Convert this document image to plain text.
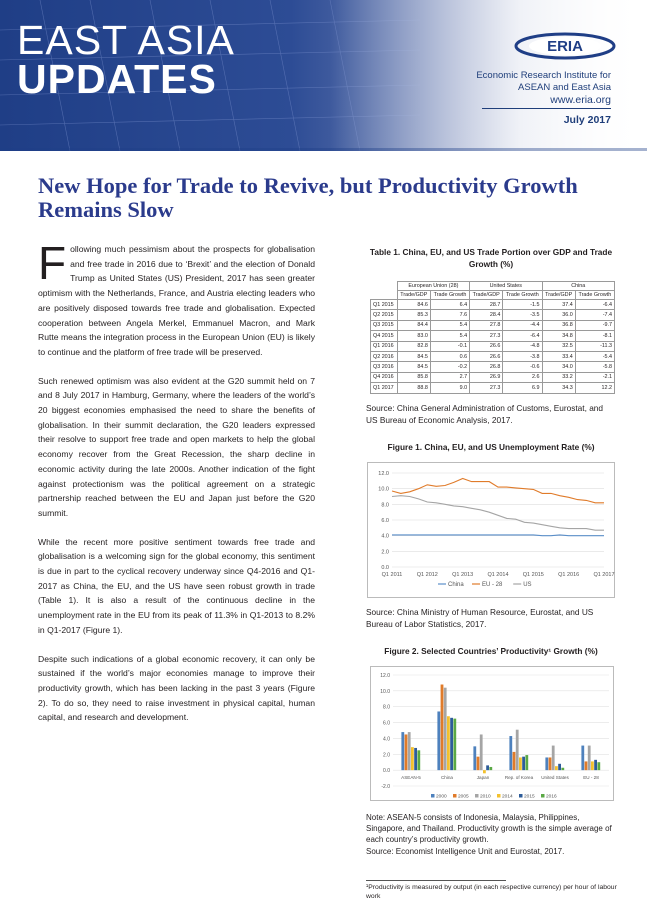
EAST ASIA
UPDATES
ERIA
Economic Research Institute for
ASEAN and East Asia
www.eria.org
July 2017
New Hope for Trade to Revive, but Productivity Growth Remains Slow

Following much pessimism about the prospects for globalisation and free trade in 2016 due to ‘Brexit’ and the election of Donald Trump as United States (US) President, 2017 has seen greater optimism with the Netherlands, France, and Austria electing leaders who are positively disposed towards free trade and globalisation. Expected cooperation between Angela Merkel, Emmanuel Macron, and Mark Rutte means the integration process in the European Union (EU) is likely to continue and the platform of free trade will be preserved.

Such renewed optimism was also evident at the G20 summit held on 7 and 8 July 2017 in Hamburg, Germany, where the leaders of the world’s 20 biggest economies emphasised the need to share the benefits of globalisation. In their summit declaration, the G20 leaders expressed their resolve to support free trade and open markets to help the global economy recover from the Great Recession, the sharp decline in economic activity during the late 2000s. Another indication of the fight against protectionism was the political agreement on a strategic partnership reached between the EU and Japan just before the G20 summit.

While the recent more positive sentiment towards free trade and globalisation is a welcoming sign for the global economy, this sentiment is due in part to the cyclical recovery underway since Q4-2016 and Q1-2017 as China, the EU, and the US have seen robust growth in trade (Table 1). It is also a result of the continuous decline in the unemployment rate in the EU from its peak of 11.3% in Q1-2013 to 8.2% in Q1-2017 (Figure 1).

Despite such indications of a global economic recovery, it can only be sustained if the world’s major economies manage to improve their productivity growth, which has been lacking in the past 3 years (Figure 2). To do so, they need to raise investment in physical capital, human capital, and research and development.

Table 1. China, EU, and US Trade Portion over GDP and Trade Growth (%)
	European Union (28)		United States		China	
	Trade/GDP	Trade Growth	Trade/GDP	Trade Growth	Trade/GDP	Trade Growth
Q1 2015	84.6	6.4	28.7	-1.5	37.4	-6.4
Q2 2015	85.3	7.6	28.4	-3.5	36.0	-7.4
Q3 2015	84.4	5.4	27.8	-4.4	36.8	-9.7
Q4 2015	83.0	5.4	27.3	-6.4	34.8	-8.1
Q1 2016	82.8	-0.1	26.6	-4.8	32.5	-11.3
Q2 2016	84.5	0.6	26.6	-3.8	33.4	-5.4
Q3 2016	84.5	-0.2	26.8	-0.6	34.0	-5.8
Q4 2016	85.8	2.7	26.9	2.6	33.2	-2.1
Q1 2017	88.8	9.0	27.3	6.9	34.3	12.2
Source: China General Administration of Customs, Eurostat, and US Bureau of Economic Analysis, 2017.
Figure 1. China, EU, and US Unemployment Rate (%)
0.0
2.0
4.0
6.0
8.0
10.0
12.0
Q1 2011	Q1 2012	Q1 2013	Q1 2014	Q1 2015	Q1 2016	Q1 2017
China	EU - 28	US
Source: China Ministry of Human Resource, Eurostat, and US Bureau of Labor Statistics, 2017.
Figure 2. Selected Countries’ Productivity¹ Growth (%)
-2.0
0.0
2.0
4.0
6.0
8.0
10.0
12.0
ASEAN-5	China	Japan	Rep. of Korea United States	EU - 28
2000 2005 2010 2014 2015 2016
Note: ASEAN-5 consists of Indonesia, Malaysia, Philippines, Singapore, and Thailand. Productivity growth is the simple average of each country’s productivity growth.
Source: Economist Intelligence Unit and Eurostat, 2017.
¹Productivity is measured by output (in each respective currency) per hour of labour work
